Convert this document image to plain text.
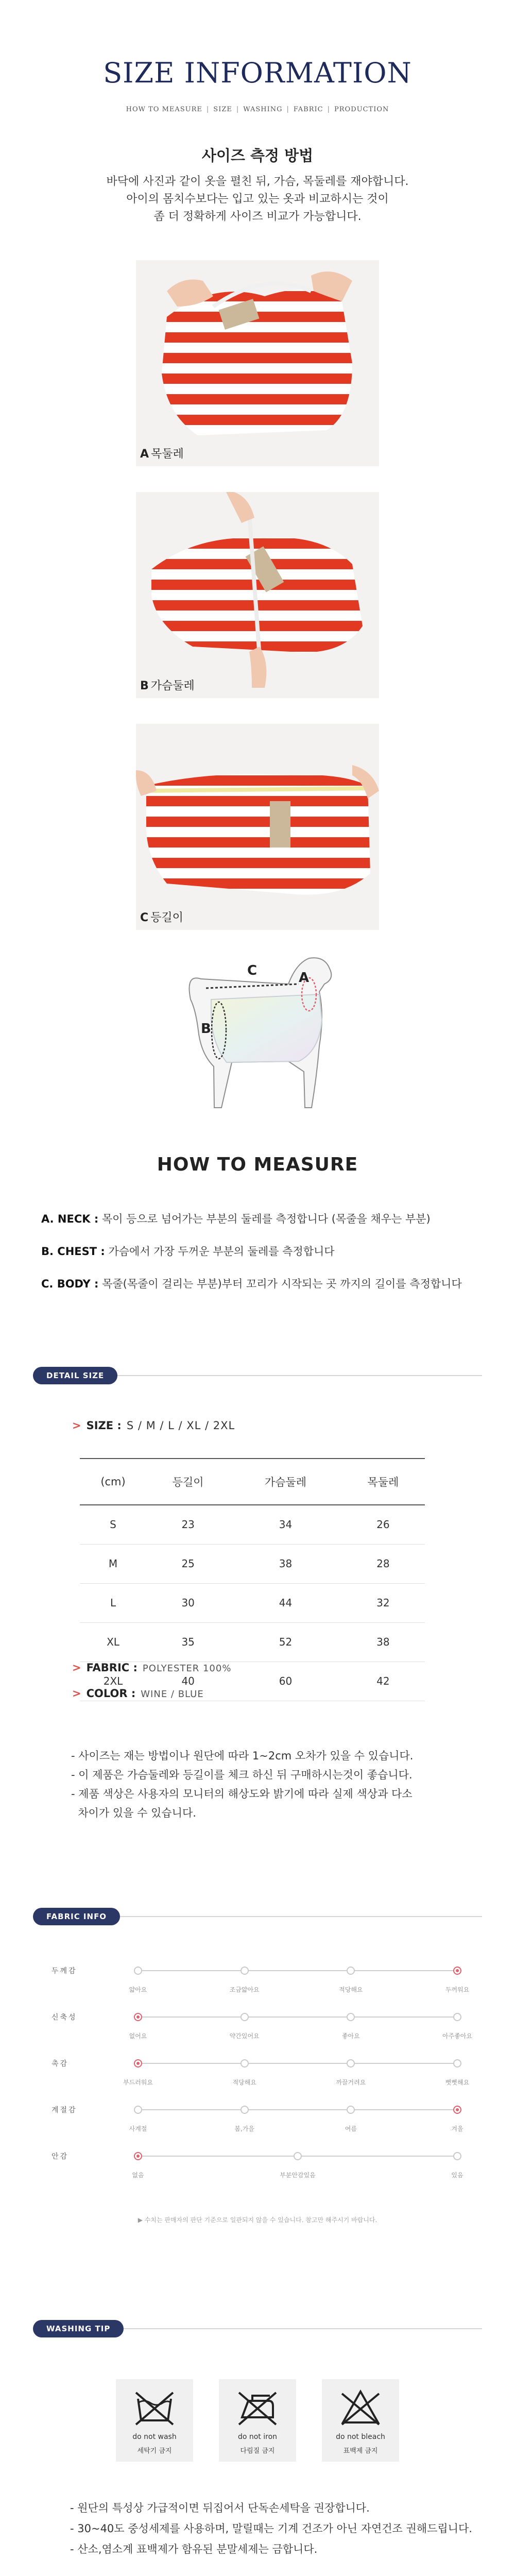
SIZE INFORMATION
HOW TO MEASURE | SIZE | WASHING | FABRIC | PRODUCTION
사이즈 측정 방법
바닥에 사진과 같이 옷을 펼친 뒤, 가슴, 목둘레를 재야합니다.
아이의 몸치수보다는 입고 있는 옷과 비교하시는 것이
좀 더 정확하게 사이즈 비교가 가능합니다.
A 목둘레
B 가슴둘레
C 등길이
C	A
B
HOW TO MEASURE
A. NECK : 목이 등으로 넘어가는 부분의 둘레를 측정합니다 (목줄을 채우는 부분)
B. CHEST : 가슴에서 가장 두꺼운 부분의 둘레를 측정합니다
C. BODY : 목줄(목줄이 걸리는 부분)부터 꼬리가 시작되는 곳 까지의 길이를 측정합니다
DETAIL SIZE
> SIZE : S / M / L / XL / 2XL
(cm)	등길이	가슴둘레	목둘레
S	23	34	26
M	25	38	28
L	30	44	32
XL	35	52	38
2XL	40	60	42
> FABRIC : POLYESTER 100%
> COLOR : WINE / BLUE
- 사이즈는 재는 방법이나 원단에 따라 1~2cm 오차가 있을 수 있습니다.
- 이 제품은 가슴둘레와 등길이를 체크 하신 뒤 구매하시는것이 좋습니다.
- 제품 색상은 사용자의 모니터의 해상도와 밝기에 따라 실제 색상과 다소
차이가 있을 수 있습니다.
FABRIC INFO
두께감
얇아요	조금얇아요	적당해요	두꺼워요
신축성
없어요	약간있어요	좋아요	아주좋아요
촉감
부드러워요	적당해요	까끌거려요	뻣뻣해요
계절감
사계절	봄,가을	여름	겨울
안감
없음	부분안감있음	있음
▶ 수치는 판매자의 판단 기준으로 일관되지 않을 수 있습니다. 참고만 해주시기 바랍니다.
WASHING TIP
do not wash
세탁기 금지
do not iron
다림질 금지
do not bleach
표백제 금지
- 원단의 특성상 가급적이면 뒤집어서 단독손세탁을 권장합니다.
- 30~40도 중성세제를 사용하며, 말릴때는 기계 건조가 아닌 자연건조 권해드립니다.
- 산소,염소계 표백제가 함유된 분말세제는 금합니다.
